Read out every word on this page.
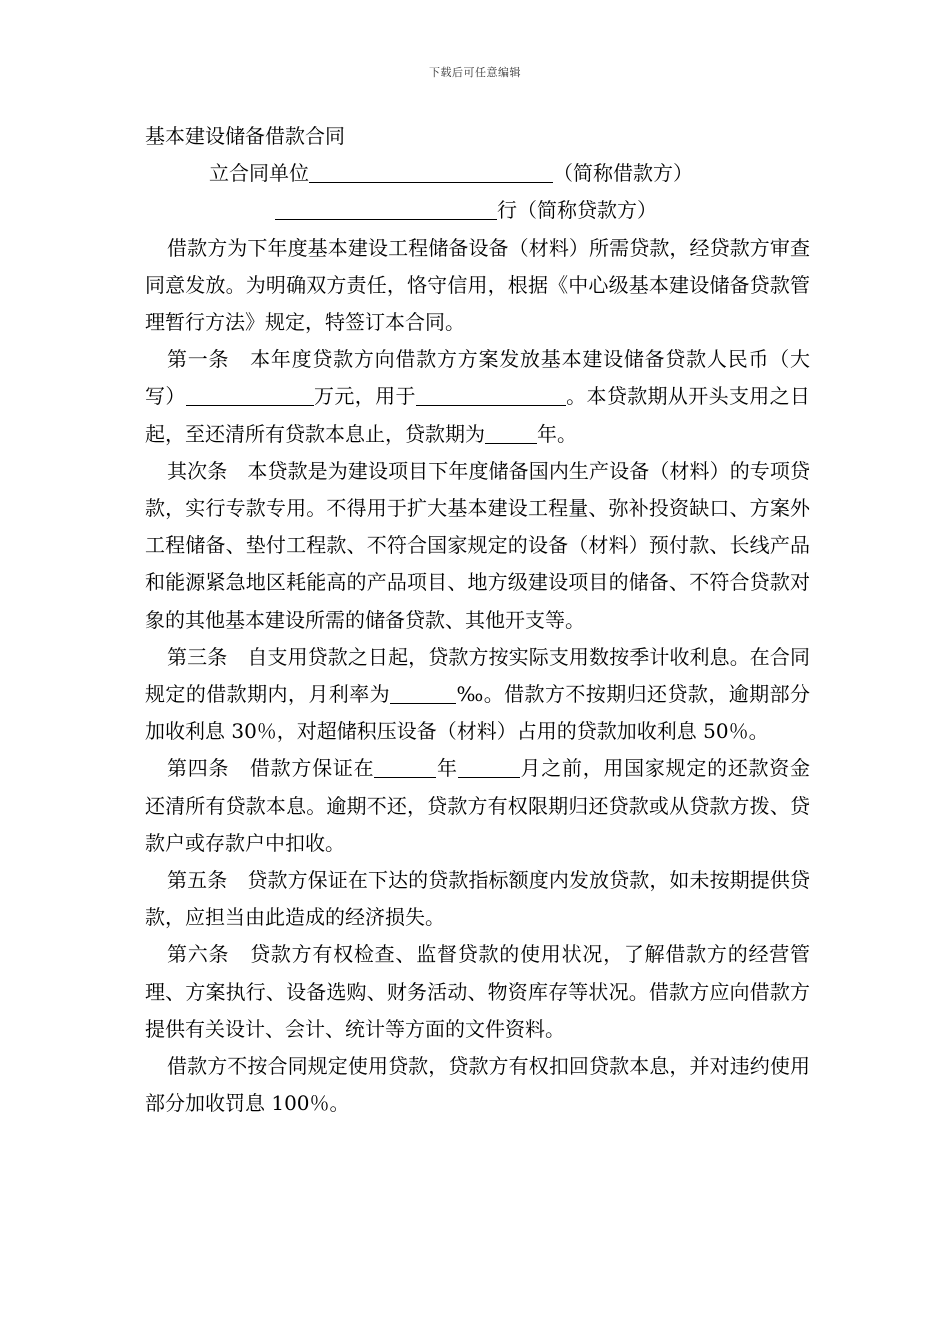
下载后可任意编辑
基本建设储备借款合同
立合同单位	（简称借款方）
行（简称贷款方）

借款方为下年度基本建设工程储备设备（材料）所需贷款，经贷款方审查同意发放。为明确双方责任，恪守信用，根据《中心级基本建设储备贷款管理暂行方法》规定，特签订本合同。

第一条　本年度贷款方向借款方方案发放基本建设储备贷款人民币（大写）	万元，用于	。本贷款期从开头支用之日起，至还清所有贷款本息止，贷款期为	年。

其次条　本贷款是为建设项目下年度储备国内生产设备（材料）的专项贷款，实行专款专用。不得用于扩大基本建设工程量、弥补投资缺口、方案外工程储备、垫付工程款、不符合国家规定的设备（材料）预付款、长线产品和能源紧急地区耗能高的产品项目、地方级建设项目的储备、不符合贷款对象的其他基本建设所需的储备贷款、其他开支等。

第三条　自支用贷款之日起，贷款方按实际支用数按季计收利息。在合同规定的借款期内，月利率为	‰。借款方不按期归还贷款，逾期部分加收利息 30％，对超储积压设备（材料）占用的贷款加收利息 50％。

第四条　借款方保证在	年	月之前，用国家规定的还款资金还清所有贷款本息。逾期不还，贷款方有权限期归还贷款或从贷款方拨、贷款户或存款户中扣收。

第五条　贷款方保证在下达的贷款指标额度内发放贷款，如未按期提供贷款，应担当由此造成的经济损失。

第六条　贷款方有权检查、监督贷款的使用状况，了解借款方的经营管理、方案执行、设备选购、财务活动、物资库存等状况。借款方应向借款方提供有关设计、会计、统计等方面的文件资料。

借款方不按合同规定使用贷款，贷款方有权扣回贷款本息，并对违约使用部分加收罚息 100％。
